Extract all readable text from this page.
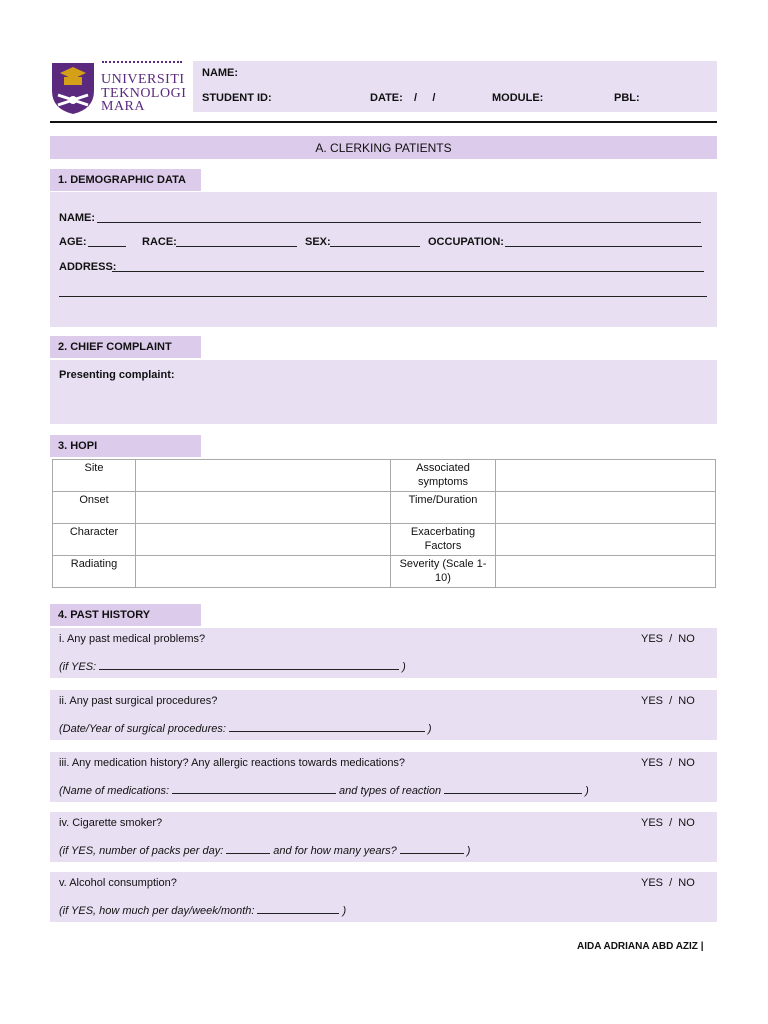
UNIVERSITI
TEKNOLOGI
MARA
NAME:
STUDENT ID:	DATE: /     /	MODULE:	PBL:
A. CLERKING PATIENTS
1. DEMOGRAPHIC DATA
NAME:
AGE:	RACE:	SEX:	OCCUPATION:
ADDRESS:
2. CHIEF COMPLAINT
Presenting complaint:
3. HOPI
Site		Associated symptoms	
Onset		Time/Duration	
Character		Exacerbating Factors	
Radiating		Severity (Scale 1-10)	
4. PAST HISTORY
i. Any past medical problems?	YES  /  NO
(if YES:	)
ii. Any past surgical procedures?	YES  /  NO
(Date/Year of surgical procedures:	)
iii. Any medication history? Any allergic reactions towards medications?	YES  /  NO
(Name of medications:	and types of reaction	)
iv. Cigarette smoker?	YES  /  NO
(if YES, number of packs per day:	and for how many years?	)
v. Alcohol consumption?	YES  /  NO
(if YES, how much per day/week/month:	)
AIDA ADRIANA ABD AZIZ |
